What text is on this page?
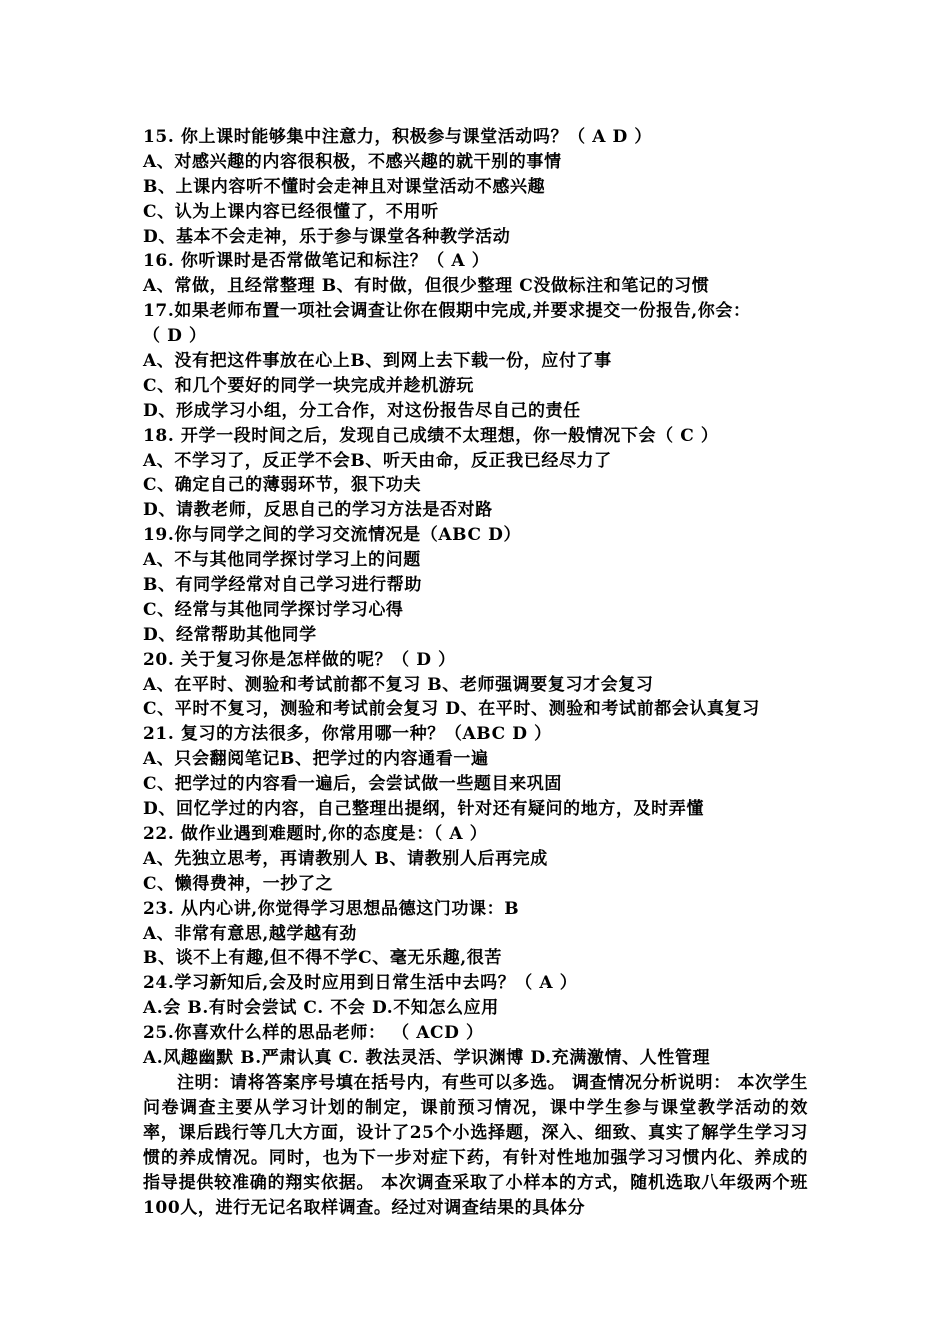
15. 你上课时能够集中注意力，积极参与课堂活动吗？（ A D ）
A、对感兴趣的内容很积极，不感兴趣的就干别的事情
B、上课内容听不懂时会走神且对课堂活动不感兴趣
C、认为上课内容已经很懂了，不用听
D、基本不会走神，乐于参与课堂各种教学活动
16. 你听课时是否常做笔记和标注？（ A ）
A、常做，且经常整理 B、有时做，但很少整理 C没做标注和笔记的习惯
17.如果老师布置一项社会调查让你在假期中完成,并要求提交一份报告,你会：
（ D ）
A、没有把这件事放在心上B、到网上去下载一份，应付了事
C、和几个要好的同学一块完成并趁机游玩
D、形成学习小组，分工合作，对这份报告尽自己的责任
18. 开学一段时间之后，发现自己成绩不太理想，你一般情况下会（ C ）
A、不学习了，反正学不会B、听天由命，反正我已经尽力了
C、确定自己的薄弱环节，狠下功夫
D、请教老师，反思自己的学习方法是否对路
19.你与同学之间的学习交流情况是（ABC D）
A、不与其他同学探讨学习上的问题
B、有同学经常对自己学习进行帮助
C、经常与其他同学探讨学习心得
D、经常帮助其他同学
20. 关于复习你是怎样做的呢？（ D ）
A、在平时、测验和考试前都不复习 B、老师强调要复习才会复习
C、平时不复习，测验和考试前会复习 D、在平时、测验和考试前都会认真复习
21. 复习的方法很多，你常用哪一种？（ABC D ）
A、只会翻阅笔记B、把学过的内容通看一遍
C、把学过的内容看一遍后，会尝试做一些题目来巩固
D、回忆学过的内容，自己整理出提纲，针对还有疑问的地方，及时弄懂
22. 做作业遇到难题时,你的态度是：（ A ）
A、先独立思考，再请教别人 B、请教别人后再完成
C、懒得费神，一抄了之
23. 从内心讲,你觉得学习思想品德这门功课：B
A、非常有意思,越学越有劲
B、谈不上有趣,但不得不学C、毫无乐趣,很苦
24.学习新知后,会及时应用到日常生活中去吗？（ A ）
A.会 B.有时会尝试 C. 不会 D.不知怎么应用
25.你喜欢什么样的思品老师： （ ACD ）
A.风趣幽默 B.严肃认真 C. 教法灵活、学识渊博 D.充满激情、人性管理
注明：请将答案序号填在括号内，有些可以多选。 调查情况分析说明： 本次学生问卷调查主要从学习计划的制定，课前预习情况，课中学生参与课堂教学活动的效率，课后践行等几大方面，设计了25个小选择题，深入、细致、真实了解学生学习习惯的养成情况。同时，也为下一步对症下药，有针对性地加强学习习惯内化、养成的指导提供较准确的翔实依据。 本次调查采取了小样本的方式，随机选取八年级两个班100人，进行无记名取样调查。经过对调查结果的具体分
